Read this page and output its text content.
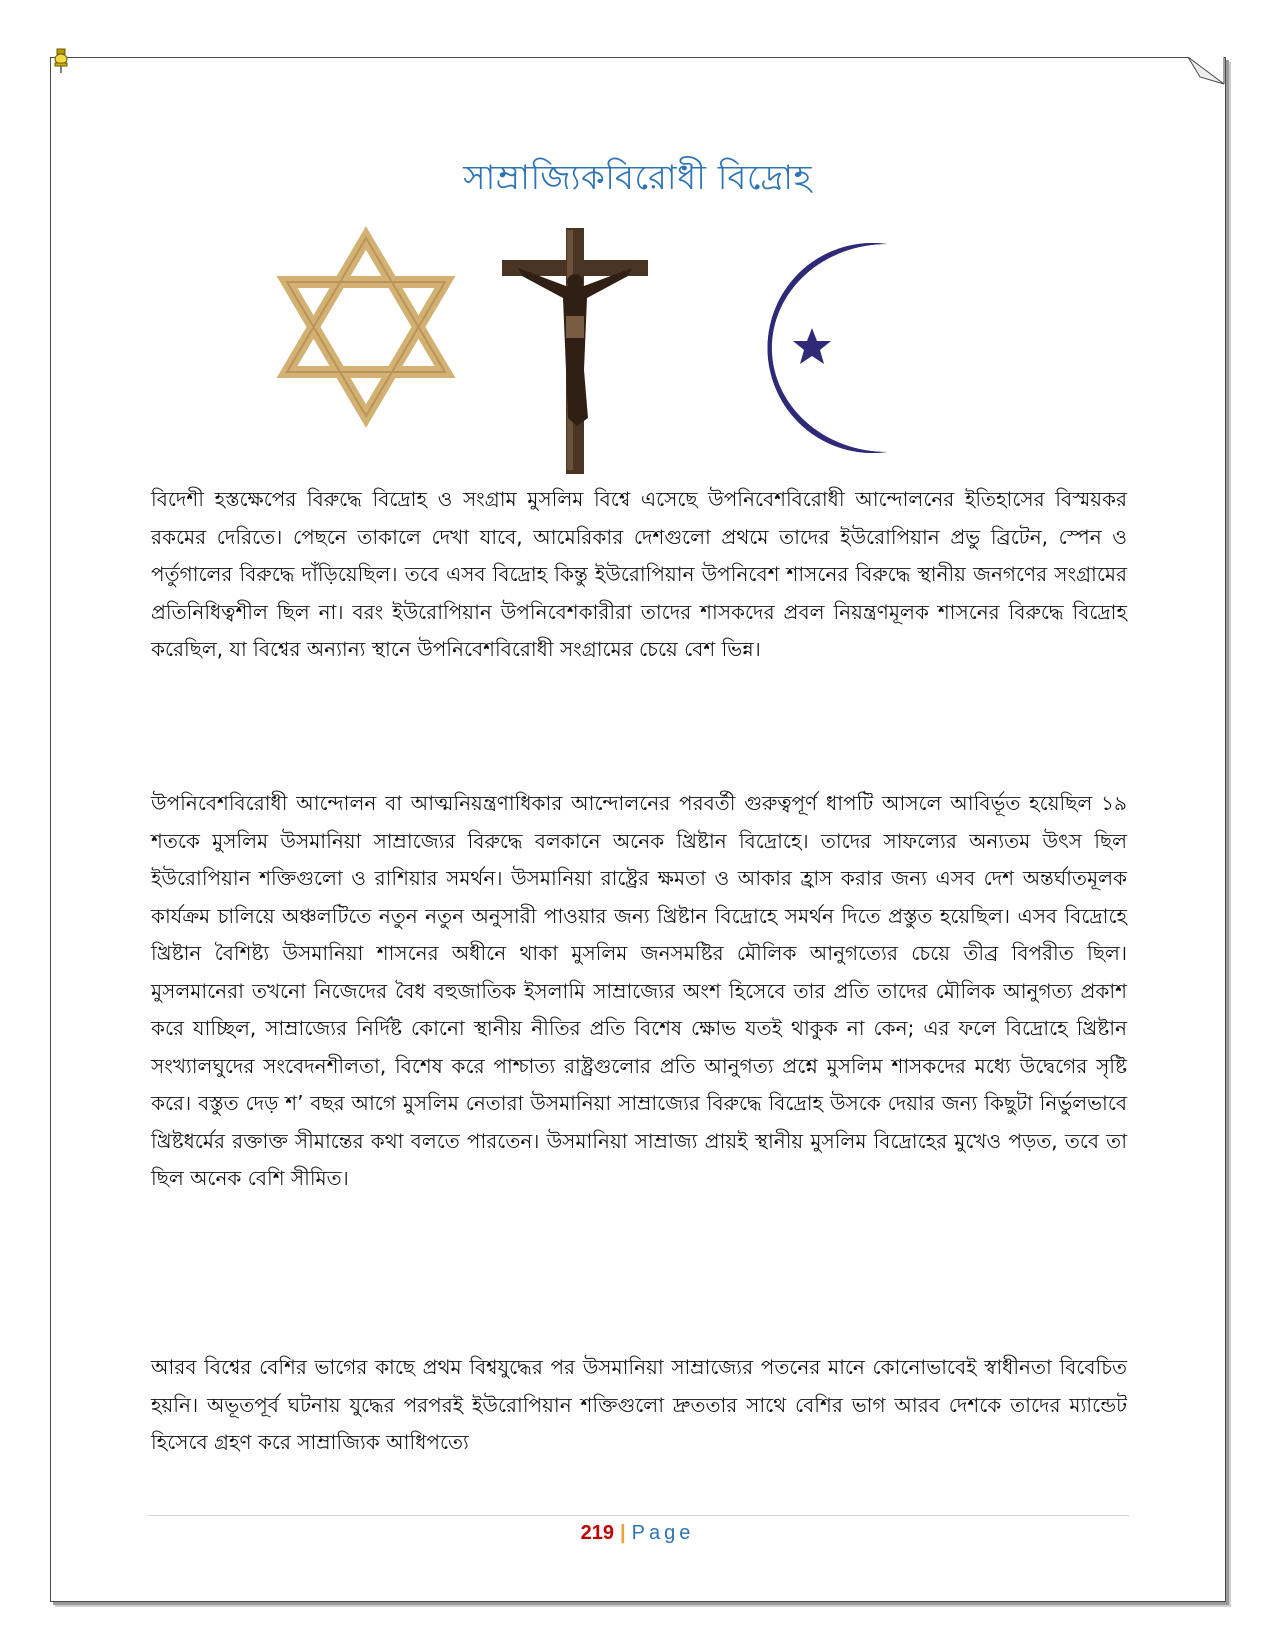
সাম্রাজ্যিকবিরোধী বিদ্রোহ

বিদেশী হস্তক্ষেপের বিরুদ্ধে বিদ্রোহ ও সংগ্রাম মুসলিম বিশ্বে এসেছে উপনিবেশবিরোধী আন্দোলনের ইতিহাসের বিস্ময়কর রকমের দেরিতে। পেছনে তাকালে দেখা যাবে, আমেরিকার দেশগুলো প্রথমে তাদের ইউরোপিয়ান প্রভু ব্রিটেন, স্পেন ও পর্তুগালের বিরুদ্ধে দাঁড়িয়েছিল। তবে এসব বিদ্রোহ কিন্তু ইউরোপিয়ান উপনিবেশ শাসনের বিরুদ্ধে স্থানীয় জনগণের সংগ্রামের প্রতিনিধিত্বশীল ছিল না। বরং ইউরোপিয়ান উপনিবেশকারীরা তাদের শাসকদের প্রবল নিয়ন্ত্রণমূলক শাসনের বিরুদ্ধে বিদ্রোহ করেছিল, যা বিশ্বের অন্যান্য স্থানে উপনিবেশবিরোধী সংগ্রামের চেয়ে বেশ ভিন্ন।

উপনিবেশবিরোধী আন্দোলন বা আত্মনিয়ন্ত্রণাধিকার আন্দোলনের পরবর্তী গুরুত্বপূর্ণ ধাপটি আসলে আবির্ভূত হয়েছিল ১৯ শতকে মুসলিম উসমানিয়া সাম্রাজ্যের বিরুদ্ধে বলকানে অনেক খ্রিষ্টান বিদ্রোহে। তাদের সাফল্যের অন্যতম উৎস ছিল ইউরোপিয়ান শক্তিগুলো ও রাশিয়ার সমর্থন। উসমানিয়া রাষ্ট্রের ক্ষমতা ও আকার হ্রাস করার জন্য এসব দেশ অন্তর্ঘাতমূলক কার্যক্রম চালিয়ে অঞ্চলটিতে নতুন নতুন অনুসারী পাওয়ার জন্য খ্রিষ্টান বিদ্রোহে সমর্থন দিতে প্রস্তুত হয়েছিল। এসব বিদ্রোহে খ্রিষ্টান বৈশিষ্ট্য উসমানিয়া শাসনের অধীনে থাকা মুসলিম জনসমষ্টির মৌলিক আনুগত্যের চেয়ে তীব্র বিপরীত ছিল। মুসলমানেরা তখনো নিজেদের বৈধ বহুজাতিক ইসলামি সাম্রাজ্যের অংশ হিসেবে তার প্রতি তাদের মৌলিক আনুগত্য প্রকাশ করে যাচ্ছিল, সাম্রাজ্যের নির্দিষ্ট কোনো স্থানীয় নীতির প্রতি বিশেষ ক্ষোভ যতই থাকুক না কেন; এর ফলে বিদ্রোহে খ্রিষ্টান সংখ্যালঘুদের সংবেদনশীলতা, বিশেষ করে পাশ্চাত্য রাষ্ট্রগুলোর প্রতি আনুগত্য প্রশ্নে মুসলিম শাসকদের মধ্যে উদ্বেগের সৃষ্টি করে। বস্তুত দেড় শ’ বছর আগে মুসলিম নেতারা উসমানিয়া সাম্রাজ্যের বিরুদ্ধে বিদ্রোহ উসকে দেয়ার জন্য কিছুটা নির্ভুলভাবে খ্রিষ্টধর্মের রক্তাক্ত সীমান্তের কথা বলতে পারতেন। উসমানিয়া সাম্রাজ্য প্রায়ই স্থানীয় মুসলিম বিদ্রোহের মুখেও পড়ত, তবে তা ছিল অনেক বেশি সীমিত।

আরব বিশ্বের বেশির ভাগের কাছে প্রথম বিশ্বযুদ্ধের পর উসমানিয়া সাম্রাজ্যের পতনের মানে কোনোভাবেই স্বাধীনতা বিবেচিত হয়নি। অভূতপূর্ব ঘটনায় যুদ্ধের পরপরই ইউরোপিয়ান শক্তিগুলো দ্রুততার সাথে বেশির ভাগ আরব দেশকে তাদের ম্যান্ডেট হিসেবে গ্রহণ করে সাম্রাজ্যিক আধিপত্যে

219 | Page
